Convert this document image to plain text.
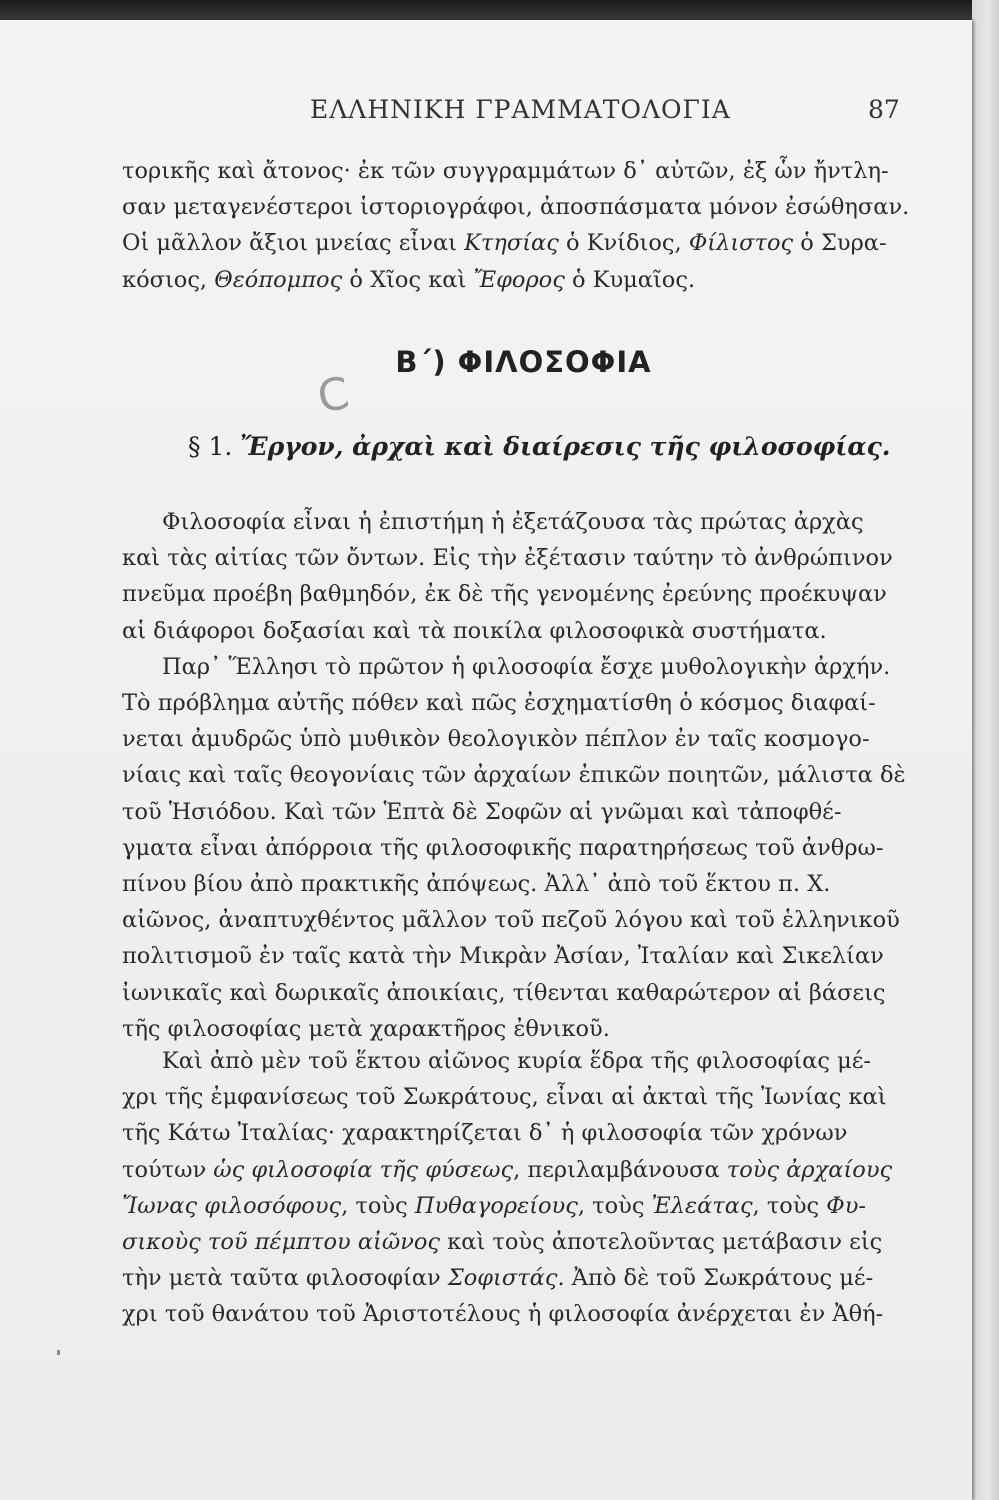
ΕΛΛΗΝΙΚΗ ΓΡΑΜΜΑΤΟΛΟΓΙΑ	87

τορικῆς καὶ ἄτονος· ἐκ τῶν συγγραμμάτων δ᾽ αὐτῶν, ἐξ ὧν ἤντλη-

σαν μεταγενέστεροι ἱστοριογράφοι, ἀποσπάσματα μόνον ἐσώθησαν.

Οἱ μᾶλλον ἄξιοι μνείας εἶναι Κτησίας ὁ Κνίδιος, Φίλιστος ὁ Συρα-

κόσιος, Θεόπομπος ὁ Χῖος καὶ Ἔφορος ὁ Κυμαῖος.

Ϲ
Β΄) ΦΙΛΟΣΟΦΙΑ
§ 1. Ἔργον, ἀρχαὶ καὶ διαίρεσις τῆς φιλοσοφίας.

Φιλοσοφία εἶναι ἡ ἐπιστήμη ἡ ἐξετάζουσα τὰς πρώτας ἀρχὰς

καὶ τὰς αἰτίας τῶν ὄντων. Εἰς τὴν ἐξέτασιν ταύτην τὸ ἀνθρώπινον

πνεῦμα προέβη βαθμηδόν, ἐκ δὲ τῆς γενομένης ἐρεύνης προέκυψαν

αἱ διάφοροι δοξασίαι καὶ τὰ ποικίλα φιλοσοφικὰ συστήματα.

Παρ᾽ Ἕλλησι τὸ πρῶτον ἡ φιλοσοφία ἔσχε μυθολογικὴν ἀρχήν.

Τὸ πρόβλημα αὐτῆς πόθεν καὶ πῶς ἐσχηματίσθη ὁ κόσμος διαφαί-

νεται ἀμυδρῶς ὑπὸ μυθικὸν θεολογικὸν πέπλον ἐν ταῖς κοσμογο-

νίαις καὶ ταῖς θεογονίαις τῶν ἀρχαίων ἐπικῶν ποιητῶν, μάλιστα δὲ

τοῦ Ἡσιόδου. Καὶ τῶν Ἑπτὰ δὲ Σοφῶν αἱ γνῶμαι καὶ τἀποφθέ-

γματα εἶναι ἀπόρροια τῆς φιλοσοφικῆς παρατηρήσεως τοῦ ἀνθρω-

πίνου βίου ἀπὸ πρακτικῆς ἀπόψεως. Ἀλλ᾽ ἀπὸ τοῦ ἕκτου π. Χ.

αἰῶνος, ἀναπτυχθέντος μᾶλλον τοῦ πεζοῦ λόγου καὶ τοῦ ἑλληνικοῦ

πολιτισμοῦ ἐν ταῖς κατὰ τὴν Μικρὰν Ἀσίαν, Ἰταλίαν καὶ Σικελίαν

ἰωνικαῖς καὶ δωρικαῖς ἀποικίαις, τίθενται καθαρώτερον αἱ βάσεις

τῆς φιλοσοφίας μετὰ χαρακτῆρος ἐθνικοῦ.

Καὶ ἀπὸ μὲν τοῦ ἕκτου αἰῶνος κυρία ἕδρα τῆς φιλοσοφίας μέ-

χρι τῆς ἐμφανίσεως τοῦ Σωκράτους, εἶναι αἱ ἀκταὶ τῆς Ἰωνίας καὶ

τῆς Κάτω Ἰταλίας· χαρακτηρίζεται δ᾽ ἡ φιλοσοφία τῶν χρόνων

τούτων ὡς φιλοσοφία τῆς φύσεως, περιλαμβάνουσα τοὺς ἀρχαίους

Ἴωνας φιλοσόφους, τοὺς Πυθαγορείους, τοὺς Ἐλεάτας, τοὺς Φυ-

σικοὺς τοῦ πέμπτου αἰῶνος καὶ τοὺς ἀποτελοῦντας μετάβασιν εἰς

τὴν μετὰ ταῦτα φιλοσοφίαν Σοφιστάς. Ἀπὸ δὲ τοῦ Σωκράτους μέ-

χρι τοῦ θανάτου τοῦ Ἀριστοτέλους ἡ φιλοσοφία ἀνέρχεται ἐν Ἀθή-
